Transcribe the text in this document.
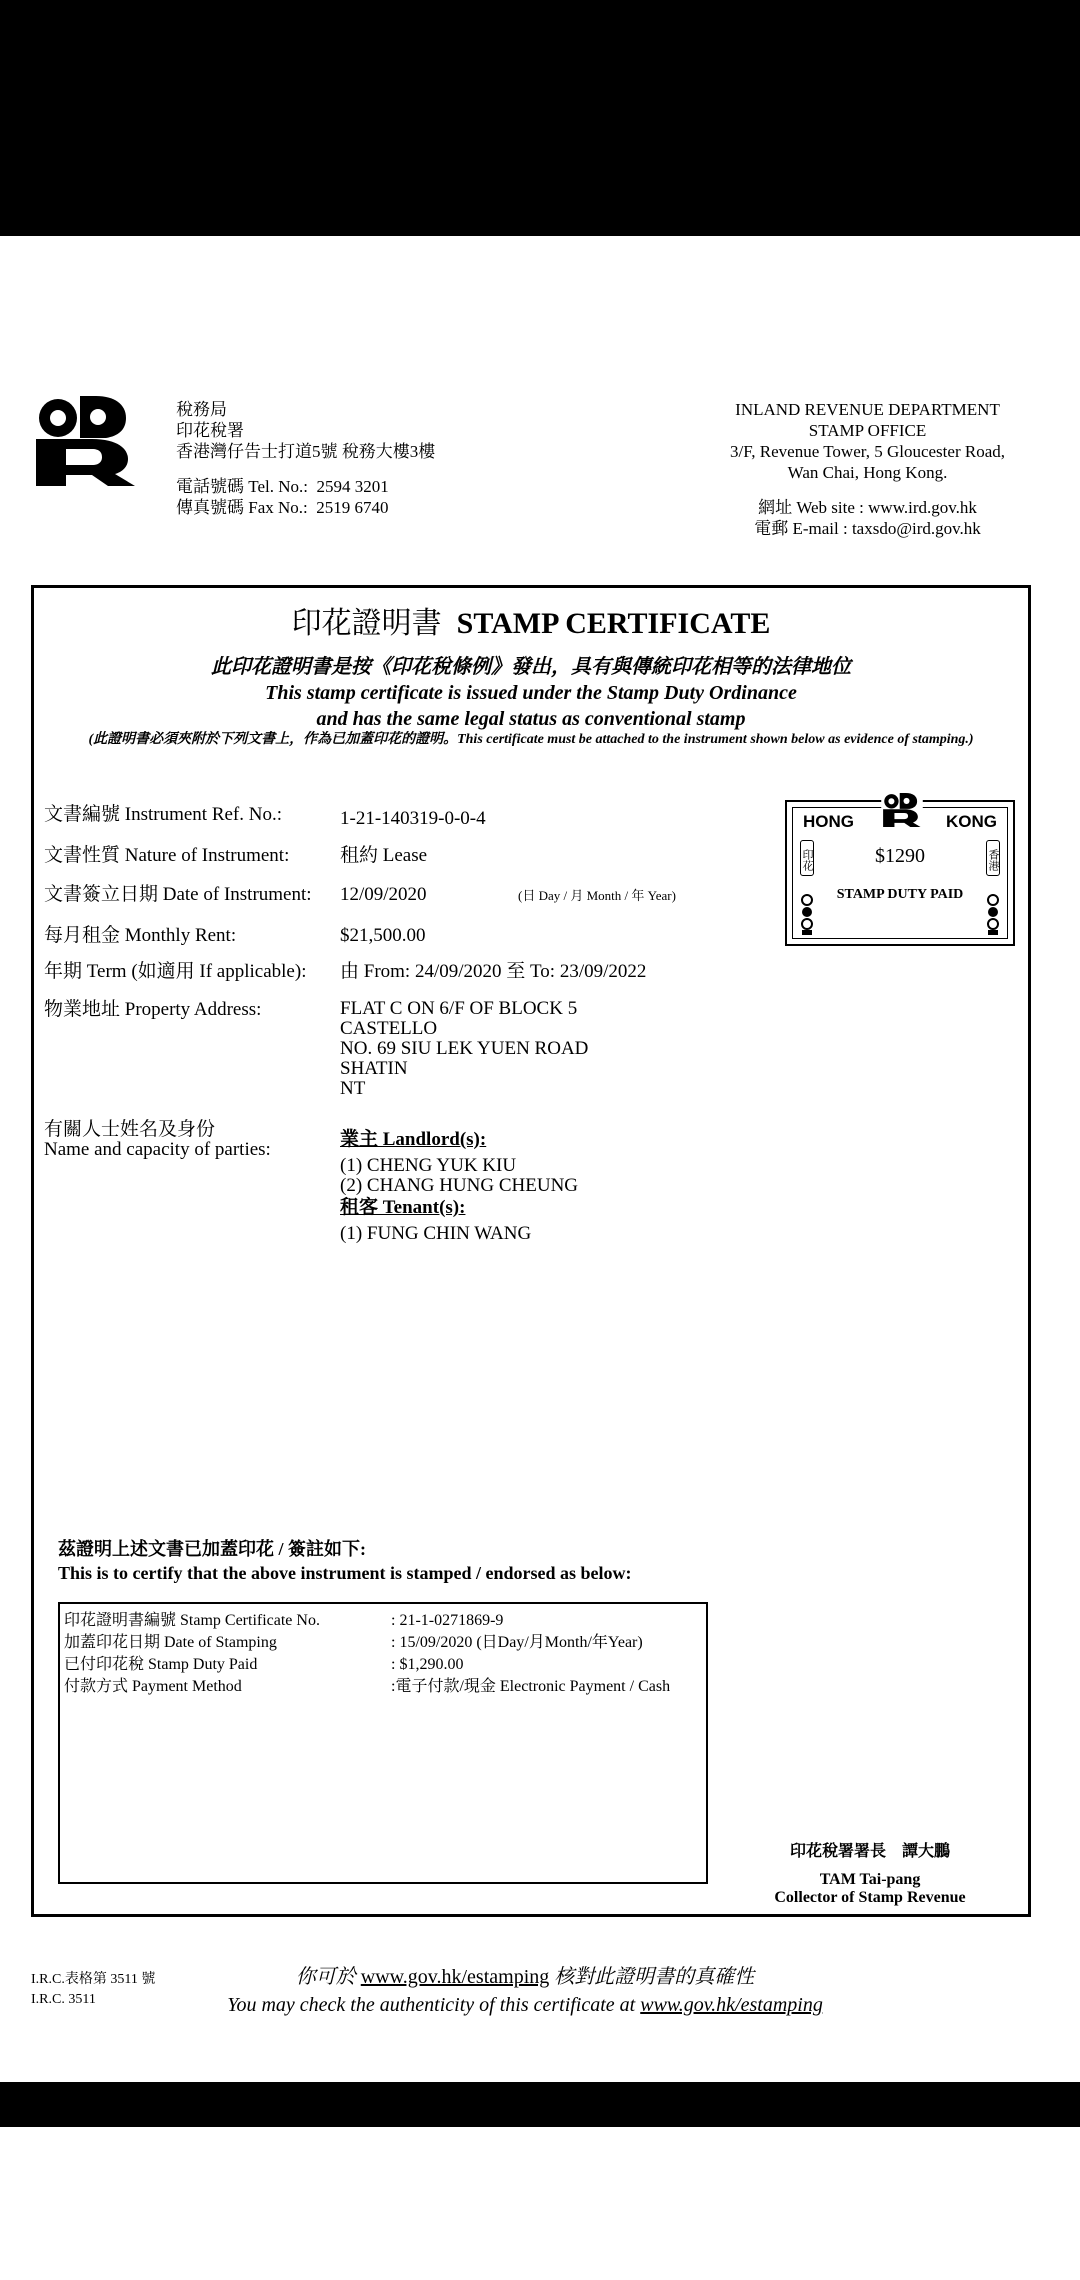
稅務局
印花稅署
香港灣仔告士打道5號 稅務大樓3樓
電話號碼 Tel. No.: 2594 3201
傳真號碼 Fax No.: 2519 6740
INLAND REVENUE DEPARTMENT
STAMP OFFICE
3/F, Revenue Tower, 5 Gloucester Road,
Wan Chai, Hong Kong.
網址 Web site : www.ird.gov.hk
電郵 E-mail : taxsdo@ird.gov.hk
印花證明書 STAMP CERTIFICATE
此印花證明書是按《印花稅條例》發出，具有與傳統印花相等的法律地位
This stamp certificate is issued under the Stamp Duty Ordinance
and has the same legal status as conventional stamp
(此證明書必須夾附於下列文書上，作為已加蓋印花的證明。This certificate must be attached to the instrument shown below as evidence of stamping.)
文書編號 Instrument Ref. No.:	1-21-140319-0-0-4
文書性質 Nature of Instrument:	租約 Lease
文書簽立日期 Date of Instrument: 12/09/2020	(日 Day / 月 Month / 年 Year)
每月租金 Monthly Rent:	$21,500.00
年期 Term (如適用 If applicable): 由 From: 24/09/2020 至 To: 23/09/2022
物業地址 Property Address:	FLAT C ON 6/F OF BLOCK 5
CASTELLO
NO. 69 SIU LEK YUEN ROAD
SHATIN
NT
有關人士姓名及身份
Name and capacity of parties:	業主 Landlord(s):
(1) CHENG YUK KIU
(2) CHANG HUNG CHEUNG
租客 Tenant(s):
(1) FUNG CHIN WANG
HONG	KONG
$1290
STAMP DUTY PAID
印花	香港
茲證明上述文書已加蓋印花 / 簽註如下:
This is to certify that the above instrument is stamped / endorsed as below:
印花證明書編號 Stamp Certificate No.	: 21-1-0271869-9
加蓋印花日期 Date of Stamping	: 15/09/2020 (日Day/月Month/年Year)
已付印花稅 Stamp Duty Paid	: $1,290.00
付款方式 Payment Method	:電子付款/現金 Electronic Payment / Cash
印花稅署署長　譚大鵬
TAM Tai-pang
Collector of Stamp Revenue
I.R.C.表格第 3511 號
I.R.C. 3511
你可於 www.gov.hk/estamping 核對此證明書的真確性
You may check the authenticity of this certificate at www.gov.hk/estamping
